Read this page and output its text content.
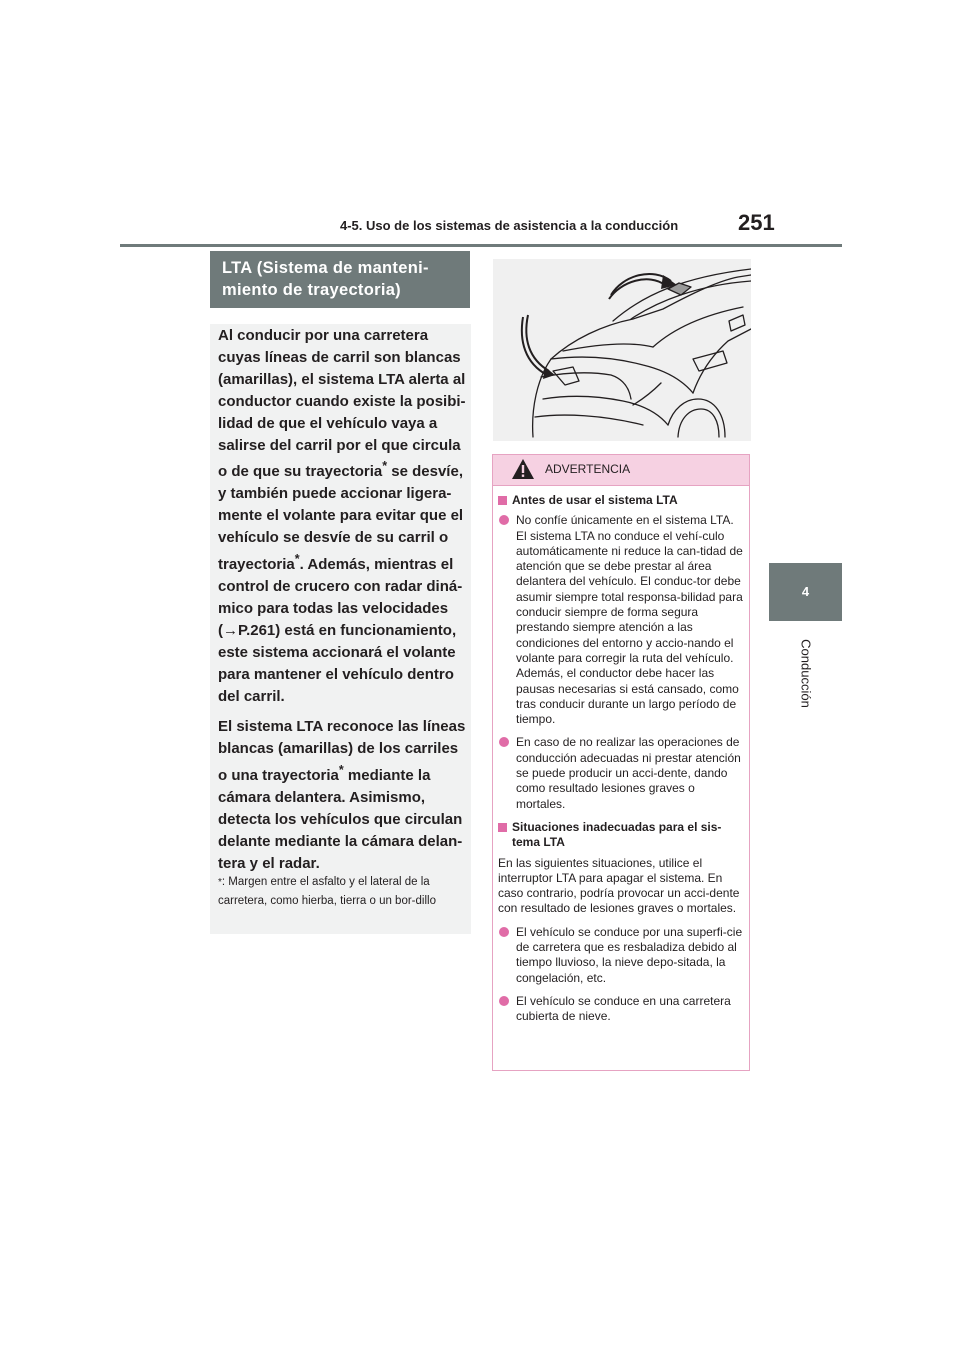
4-5. Uso de los sistemas de asistencia a la conducción	251
4
Conducción
LTA (Sistema de manteni-
miento de trayectoria)

Al conducir por una carretera cuyas líneas de carril son blancas (amarillas), el sistema LTA alerta al conductor cuando existe la posibi-lidad de que el vehículo vaya a salirse del carril por el que circula o de que su trayectoria* se desvíe, y también puede accionar ligera-mente el volante para evitar que el vehículo se desvíe de su carril o trayectoria*. Además, mientras el control de crucero con radar diná-mico para todas las velocidades (→P.261) está en funcionamiento, este sistema accionará el volante para mantener el vehículo dentro del carril.

El sistema LTA reconoce las líneas blancas (amarillas) de los carriles o una trayectoria* mediante la cámara delantera. Asimismo, detecta los vehículos que circulan delante mediante la cámara delan-tera y el radar.

*: Margen entre el asfalto y el lateral de la carretera, como hierba, tierra o un bor-dillo
ADVERTENCIA
Antes de usar el sistema LTA
No confíe únicamente en el sistema LTA. El sistema LTA no conduce el vehí-culo automáticamente ni reduce la can-tidad de atención que se debe prestar al área delantera del vehículo. El conduc-tor debe asumir siempre total responsa-bilidad para conducir siempre de forma segura prestando siempre atención a las condiciones del entorno y accio-nando el volante para corregir la ruta del vehículo. Además, el conductor debe hacer las pausas necesarias si está cansado, como tras conducir durante un largo período de tiempo.
En caso de no realizar las operaciones de conducción adecuadas ni prestar atención se puede producir un acci-dente, dando como resultado lesiones graves o mortales.
Situaciones inadecuadas para el sis-tema LTA
En las siguientes situaciones, utilice el interruptor LTA para apagar el sistema. En caso contrario, podría provocar un acci-dente con resultado de lesiones graves o mortales.
El vehículo se conduce por una superfi-cie de carretera que es resbaladiza debido al tiempo lluvioso, la nieve depo-sitada, la congelación, etc.
El vehículo se conduce en una carretera cubierta de nieve.
